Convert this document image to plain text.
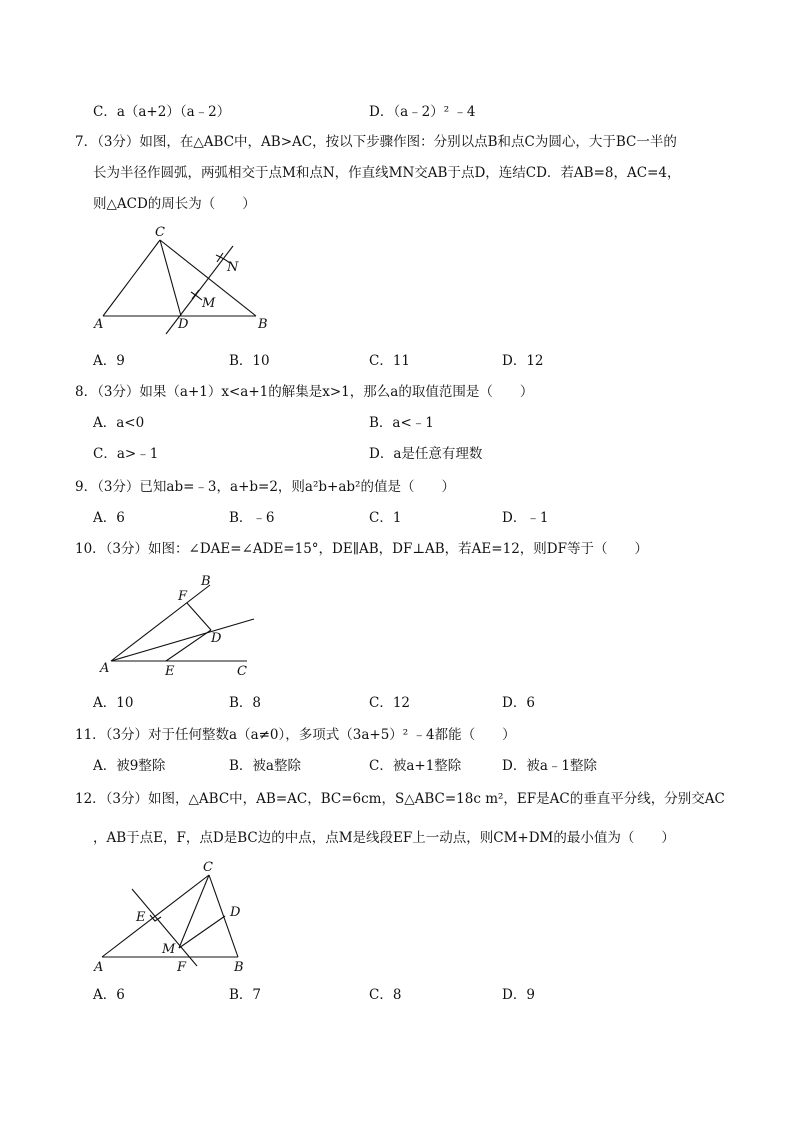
C．a（a+2）（a﹣2）	D．（a﹣2）² ﹣4
7．（3分）如图，在△ABC中，AB>AC，按以下步骤作图：分别以点B和点C为圆心，大于BC一半的
长为半径作圆弧，两弧相交于点M和点N，作直线MN交AB于点D，连结CD．若AB=8，AC=4，
则△ACD的周长为（　　）
C
A	D	B
N
M
A．9	B．10	C．11	D．12
8．（3分）如果（a+1）x<a+1的解集是x>1，那么a的取值范围是（　　）
A．a<0	B．a<﹣1
C．a>﹣1	D．a是任意有理数
9．（3分）已知ab=﹣3，a+b=2，则a²b+ab²的值是（　　）
A．6	B．﹣6	C．1	D．﹣1
10．（3分）如图：∠DAE=∠ADE=15°，DE∥AB，DF⊥AB，若AE=12，则DF等于（　　）
B
F
D
A	E	C
A．10	B．8	C．12	D．6
11．（3分）对于任何整数a（a≠0），多项式（3a+5）² ﹣4都能（　　）
A．被9整除	B．被a整除	C．被a+1整除	D．被a﹣1整除
12．（3分）如图，△ABC中，AB=AC，BC=6cm，S△ABC=18c m²，EF是AC的垂直平分线，分别交AC
，AB于点E，F，点D是BC边的中点，点M是线段EF上一动点，则CM+DM的最小值为（　　）
C
D
E
M
A	F	B
A．6	B．7	C．8	D．9
